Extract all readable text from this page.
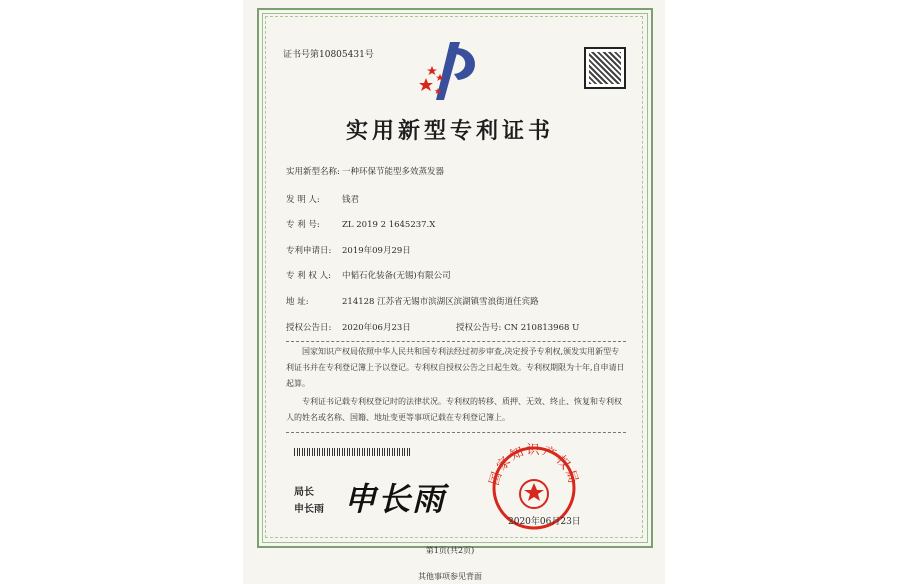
证书号第10805431号
实用新型专利证书
实用新型名称: 一种环保节能型多效蒸发器
发 明 人:	钱君
专 利 号:	ZL 2019 2 1645237.X
专利申请日: 2019年09月29日
专 利 权 人: 中韬石化装备(无锡)有限公司
地 址:	214128 江苏省无锡市滨湖区滨湖镇雪浪街道任宾路
授权公告日: 2020年06月23日	授权公告号: CN 210813968 U
国家知识产权局依照中华人民共和国专利法经过初步审查,决定授予专利权,颁发实用新型专利证书并在专利登记簿上予以登记。专利权自授权公告之日起生效。专利权期限为十年,自申请日起算。
专利证书记载专利权登记时的法律状况。专利权的转移、质押、无效、终止、恢复和专利权人的姓名或名称、国籍、地址变更等事项记载在专利登记簿上。
局长
申长雨 申长雨
国家知识产权局
2020年06月23日
第1页(共2页)
其他事项参见背面
